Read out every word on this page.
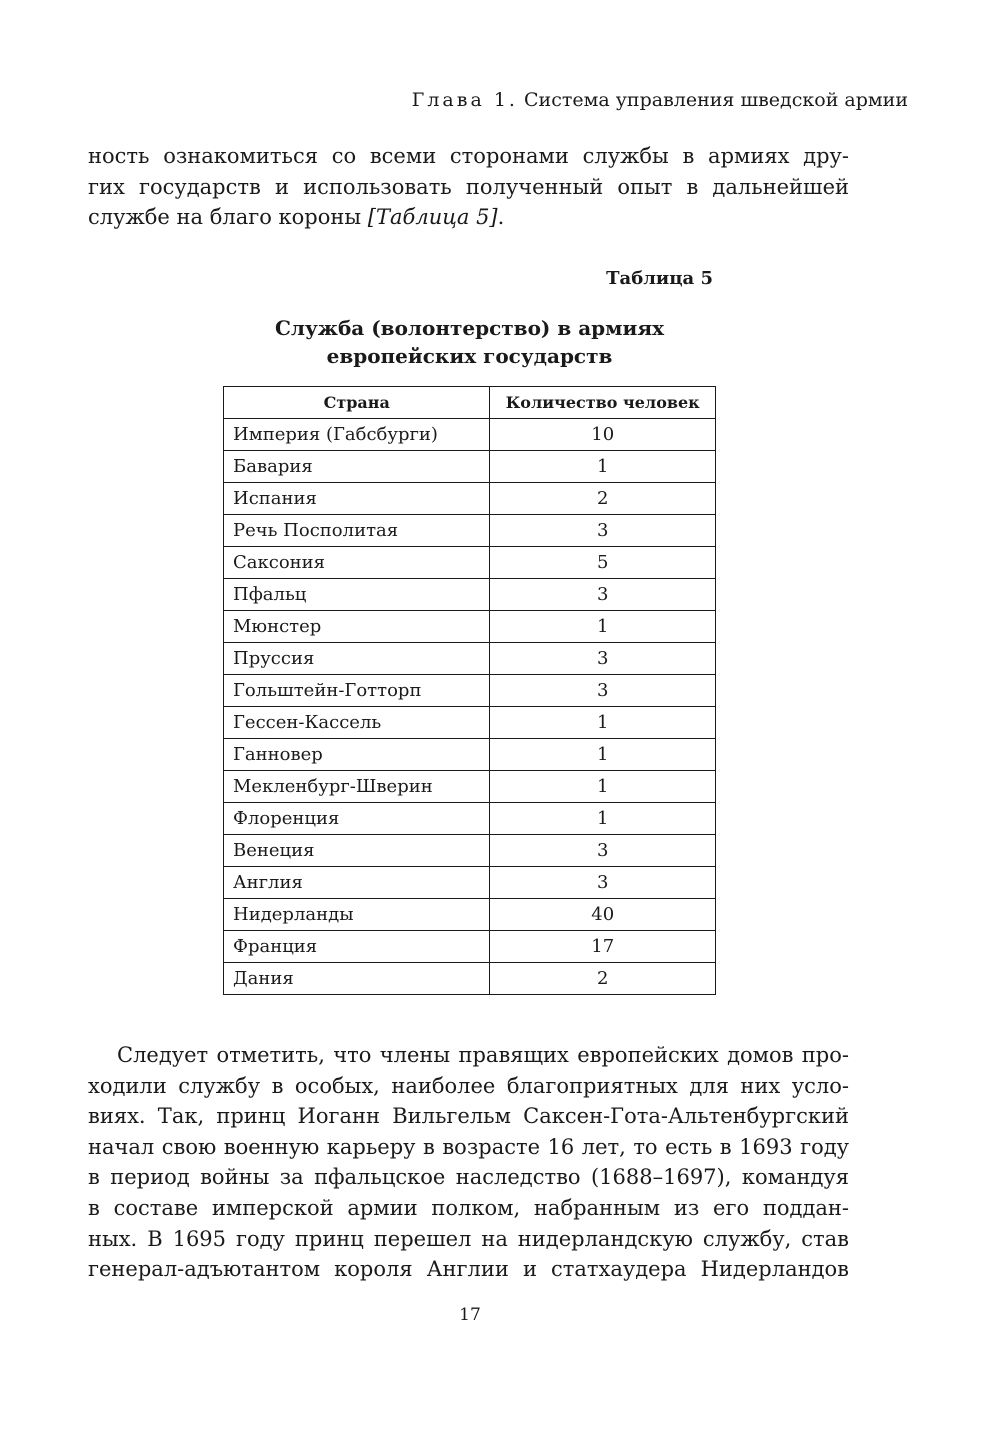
Глава 1. Система управления шведской армии
ность ознакомиться со всеми сторонами службы в армиях дру-
гих государств и использовать полученный опыт в дальнейшей
службе на благо короны [Таблица 5].
Таблица 5
Служба (волонтерство) в армиях
европейских государств
Страна	Количество человек
Империя (Габсбурги)	10
Бавария	1
Испания	2
Речь Посполитая	3
Саксония	5
Пфальц	3
Мюнстер	1
Пруссия	3
Гольштейн-Готторп	3
Гессен-Кассель	1
Ганновер	1
Мекленбург-Шверин	1
Флоренция	1
Венеция	3
Англия	3
Нидерланды	40
Франция	17
Дания	2
Следует отметить, что члены правящих европейских домов про-
ходили службу в особых, наиболее благоприятных для них усло-
виях. Так, принц Иоганн Вильгельм Саксен-Гота-Альтенбургский
начал свою военную карьеру в возрасте 16 лет, то есть в 1693 году
в период войны за пфальцское наследство (1688–1697), командуя
в составе имперской армии полком, набранным из его поддан-
ных. В 1695 году принц перешел на нидерландскую службу, став
генерал-адъютантом короля Англии и статхаудера Нидерландов
17
